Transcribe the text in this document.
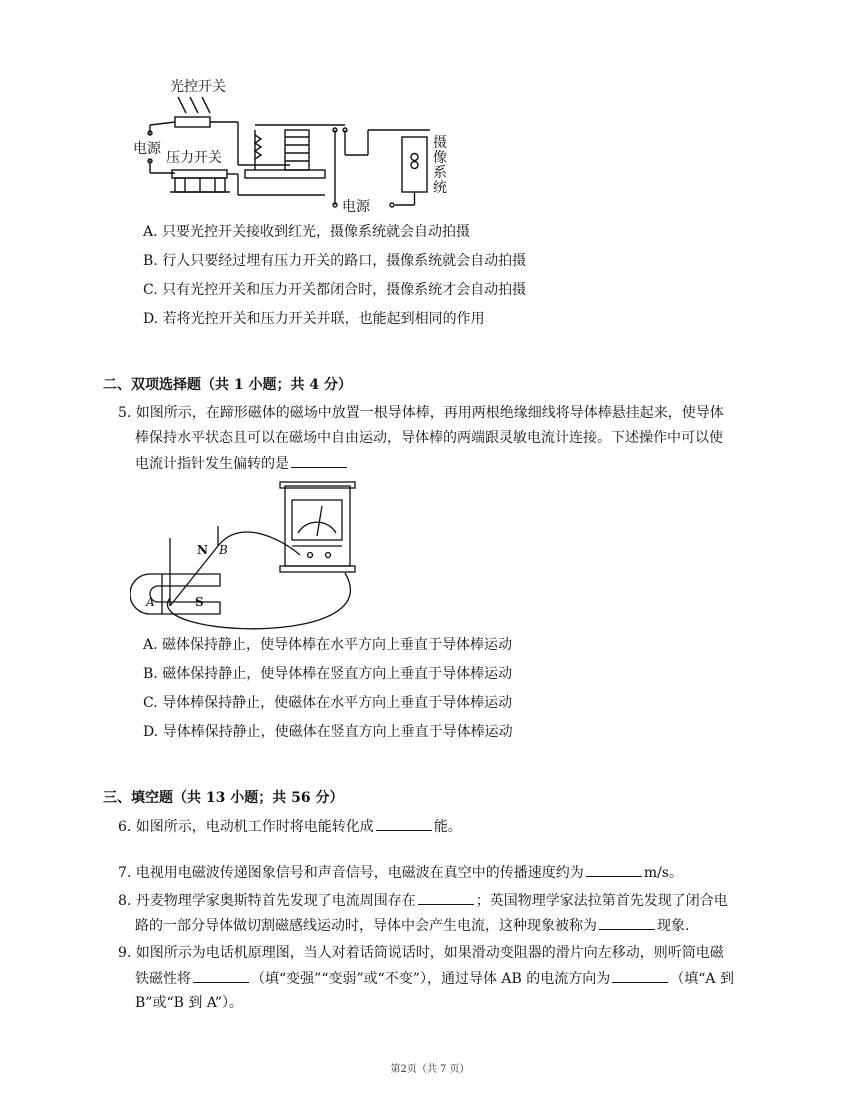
光控开关
电源
压力开关
摄像系统
电源
A. 只要光控开关接收到红光，摄像系统就会自动拍摄
B. 行人只要经过埋有压力开关的路口，摄像系统就会自动拍摄
C. 只有光控开关和压力开关都闭合时，摄像系统才会自动拍摄
D. 若将光控开关和压力开关并联，也能起到相同的作用
二、双项选择题（共 1 小题；共 4 分）
5. 如图所示，在蹄形磁体的磁场中放置一根导体棒，再用两根绝缘细线将导体棒悬挂起来，使导体
棒保持水平状态且可以在磁场中自由运动，导体棒的两端跟灵敏电流计连接。下述操作中可以使
电流计指针发生偏转的是
N B
A	S
A. 磁体保持静止，使导体棒在水平方向上垂直于导体棒运动
B. 磁体保持静止，使导体棒在竖直方向上垂直于导体棒运动
C. 导体棒保持静止，使磁体在水平方向上垂直于导体棒运动
D. 导体棒保持静止，使磁体在竖直方向上垂直于导体棒运动
三、填空题（共 13 小题；共 56 分）
6. 如图所示，电动机工作时将电能转化成	能。
7. 电视用电磁波传递图象信号和声音信号，电磁波在真空中的传播速度约为	m/s。
8. 丹麦物理学家奥斯特首先发现了电流周围存在	；英国物理学家法拉第首先发现了闭合电
路的一部分导体做切割磁感线运动时，导体中会产生电流，这种现象被称为	现象.
9. 如图所示为电话机原理图，当人对着话筒说话时，如果滑动变阻器的滑片向左移动，则听筒电磁
铁磁性将	（填“变强”“变弱”或“不变”），通过导体 AB 的电流方向为	（填“A 到
B”或“B 到 A”）。
第2页（共 7 页）
